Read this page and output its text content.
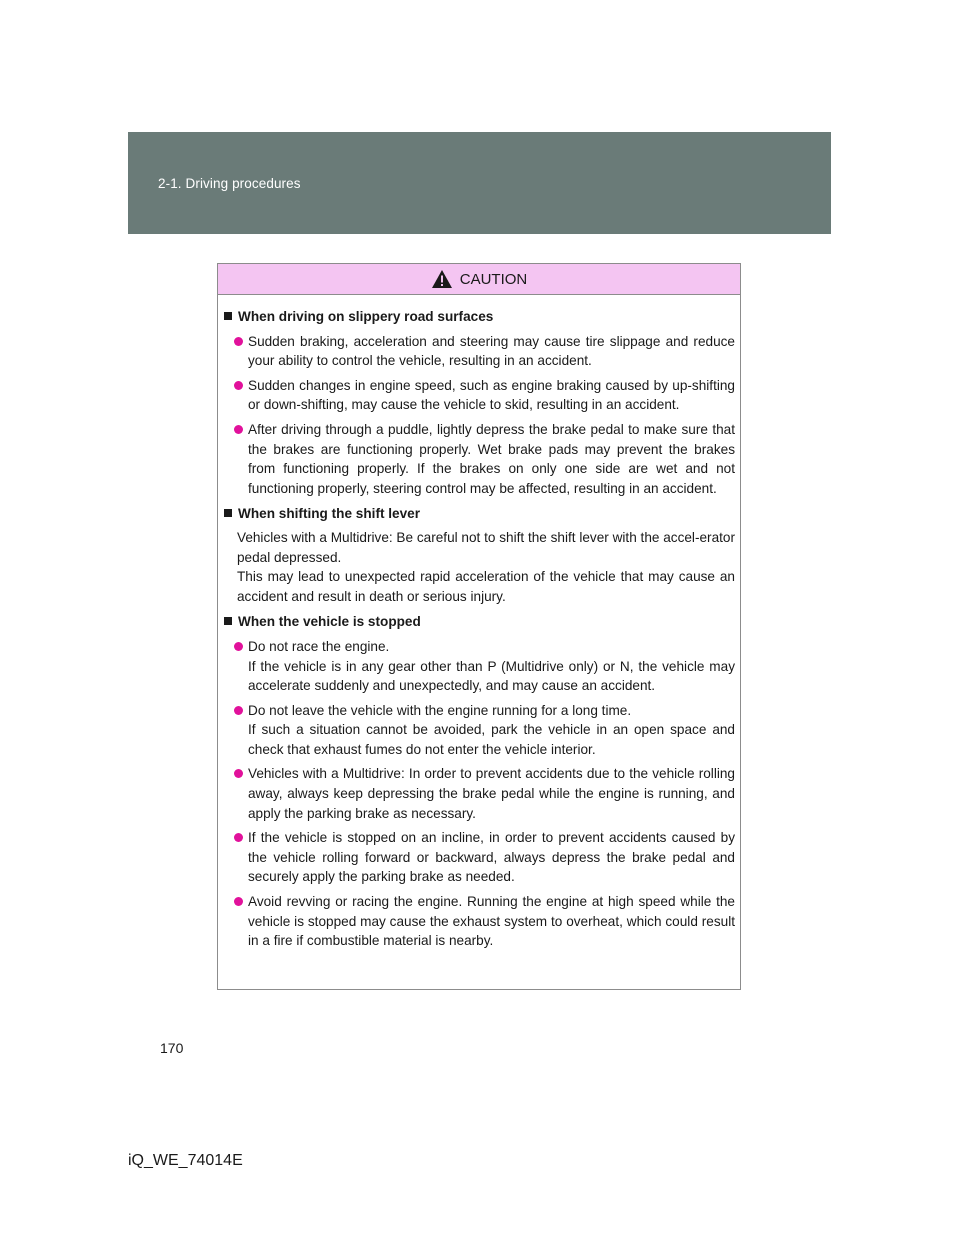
2-1. Driving procedures
CAUTION
When driving on slippery road surfaces
Sudden braking, acceleration and steering may cause tire slippage and reduce your ability to control the vehicle, resulting in an accident.
Sudden changes in engine speed, such as engine braking caused by up-shifting or down-shifting, may cause the vehicle to skid, resulting in an accident.
After driving through a puddle, lightly depress the brake pedal to make sure that the brakes are functioning properly. Wet brake pads may prevent the brakes from functioning properly. If the brakes on only one side are wet and not functioning properly, steering control may be affected, resulting in an accident.
When shifting the shift lever
Vehicles with a Multidrive: Be careful not to shift the shift lever with the accel-erator pedal depressed.
This may lead to unexpected rapid acceleration of the vehicle that may cause an accident and result in death or serious injury.
When the vehicle is stopped
Do not race the engine.
If the vehicle is in any gear other than P (Multidrive only) or N, the vehicle may accelerate suddenly and unexpectedly, and may cause an accident.
Do not leave the vehicle with the engine running for a long time.
If such a situation cannot be avoided, park the vehicle in an open space and check that exhaust fumes do not enter the vehicle interior.
Vehicles with a Multidrive: In order to prevent accidents due to the vehicle rolling away, always keep depressing the brake pedal while the engine is running, and apply the parking brake as necessary.
If the vehicle is stopped on an incline, in order to prevent accidents caused by the vehicle rolling forward or backward, always depress the brake pedal and securely apply the parking brake as needed.
Avoid revving or racing the engine. Running the engine at high speed while the vehicle is stopped may cause the exhaust system to overheat, which could result in a fire if combustible material is nearby.
170
iQ_WE_74014E
